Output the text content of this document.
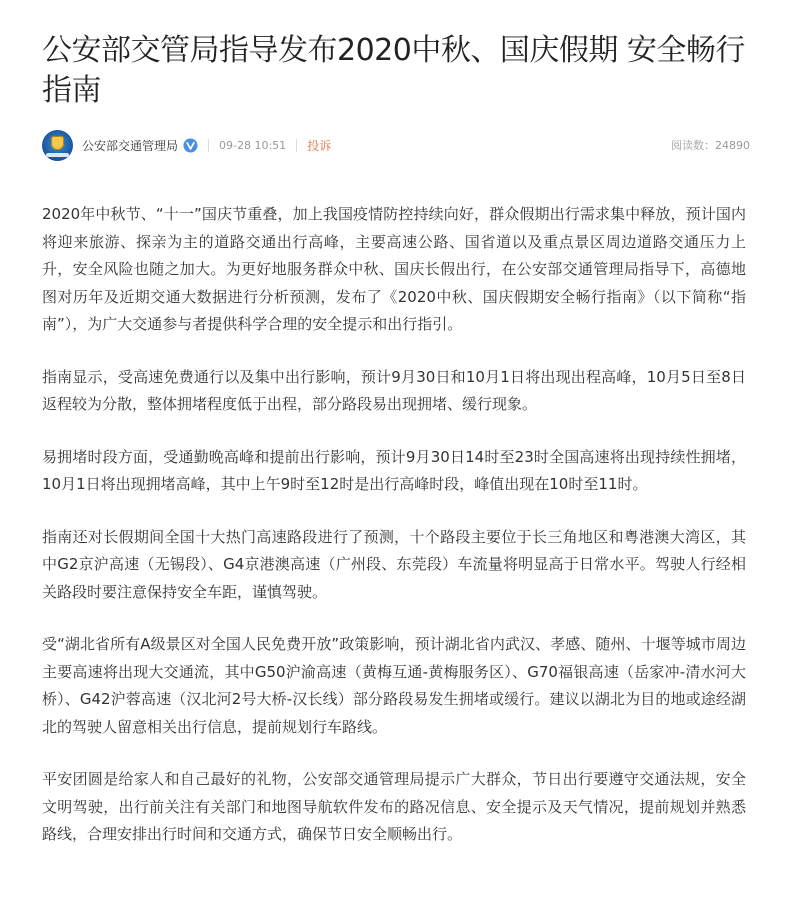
公安部交管局指导发布2020中秋、国庆假期 安全畅行指南
公安部交通管理局	09-28 10:51 投诉	阅读数：24890

2020年中秋节、“十一”国庆节重叠，加上我国疫情防控持续向好，群众假期出行需求集中释放，预计国内将迎来旅游、探亲为主的道路交通出行高峰，主要高速公路、国省道以及重点景区周边道路交通压力上升，安全风险也随之加大。为更好地服务群众中秋、国庆长假出行，在公安部交通管理局指导下，高德地图对历年及近期交通大数据进行分析预测，发布了《2020中秋、国庆假期安全畅行指南》（以下简称“指南”），为广大交通参与者提供科学合理的安全提示和出行指引。

指南显示，受高速免费通行以及集中出行影响，预计9月30日和10月1日将出现出程高峰，10月5日至8日返程较为分散，整体拥堵程度低于出程，部分路段易出现拥堵、缓行现象。

易拥堵时段方面，受通勤晚高峰和提前出行影响，预计9月30日14时至23时全国高速将出现持续性拥堵，10月1日将出现拥堵高峰，其中上午9时至12时是出行高峰时段，峰值出现在10时至11时。

指南还对长假期间全国十大热门高速路段进行了预测，十个路段主要位于长三角地区和粤港澳大湾区，其中G2京沪高速（无锡段）、G4京港澳高速（广州段、东莞段）车流量将明显高于日常水平。驾驶人行经相关路段时要注意保持安全车距，谨慎驾驶。

受“湖北省所有A级景区对全国人民免费开放”政策影响，预计湖北省内武汉、孝感、随州、十堰等城市周边主要高速将出现大交通流，其中G50沪渝高速（黄梅互通-黄梅服务区）、G70福银高速（岳家冲-清水河大桥）、G42沪蓉高速（汉北河2号大桥-汉长线）部分路段易发生拥堵或缓行。建议以湖北为目的地或途经湖北的驾驶人留意相关出行信息，提前规划行车路线。

平安团圆是给家人和自己最好的礼物，公安部交通管理局提示广大群众，节日出行要遵守交通法规，安全文明驾驶，出行前关注有关部门和地图导航软件发布的路况信息、安全提示及天气情况，提前规划并熟悉路线，合理安排出行时间和交通方式，确保节日安全顺畅出行。
